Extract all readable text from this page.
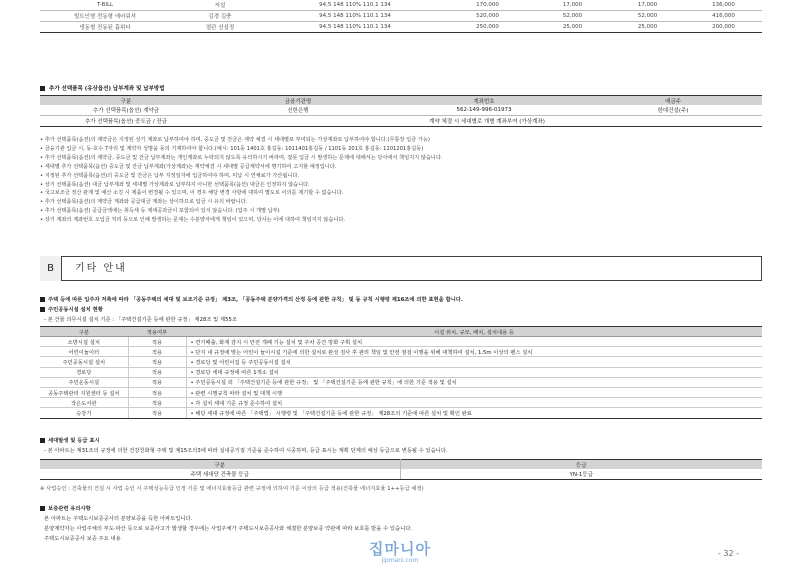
T-BILL	저설	94,5 148 110% 110.1 134	170,000	17,000	17,000	136,000
빌트인형 전동형 에어워셔	김경 김충	94,5 148 110% 110.1 134	520,000	52,000	52,000	416,000
냉동형 전동된 흡위다	열관 선설정	94,5 148 110% 110.1 134	250,000	25,000	25,000	200,000
추가 선택품목 (유상옵션) 납부계좌 및 납부방법
구분	금융기관명	계좌번호	예금주
추가 선택품목(옵션) 계약금	신한은행	562-149-996-01973	한데건설(주)
추가 선택품목(옵션) 중도금 / 잔금	계약 체결 시 세대별로 개별 계좌부여 (가상계좌)		
• 추가 선택품목(옵션)의 계약금은 지정된 상기 계좌로 납부하여야 하며, 중도금 및 잔금은 계약 체결 시 세대별로 부여되는 가상계좌로 납부하여야 합니다.(무통장 입금 가능)
• 금융기관 입금 시, 동·호수 7자리 및 계약자 성명을 동의 기재하여야 합니다.(예시: 101동 1401호 홍길동: 1011401홍길동 / 1101동 201호 홍길동: 1101201홍길동)
• 추가 선택품목(옵션)의 계약금, 중도금 및 잔금 납부계좌는 개인계좌로 누락되지 않도록 유의하시기 바라며, 잘못 입금 시 발생하는 문제에 대해서는 당사에서 책임지지 않습니다.
• 세대별 추가 선택품목(옵션) 중도금 및 잔금 납부계좌(가상계좌)는 계약체결 시 세대별 공급계약서에 명기하여 고지할 예정입니다.
• 지정된 추가 선택품목(옵션)의 중도금 및 잔금은 납부 지정일자에 입금하여야 하며, 미납 시 연체료가 가산됩니다.
• 상기 선택품목(옵션) 대금 납부계좌 및 세대별 가상계좌로 납부하지 아니한 선택품목(옵션) 대금은 인정하지 않습니다.
• 국고보조금 정산 관계 및 예산 소진 시 제품이 변경될 수 있으며, 이 경우 해당 변경 사항에 대하여 별도로 이의를 제기할 수 없습니다.
• 추가 선택품목(옵션)의 계약금 계좌와 공급대금 계좌는 상이하므로 입금 시 유의 바랍니다.
• 추가 선택품목(옵션) 공급금액에는 취득세 등 제세공과금이 포함되어 있지 않습니다. (입주 시 개별 납부)
• 상기 계좌의 계좌번호 오입금 처리 등으로 인해 발생하는 문제는 수분양자에게 책임이 있으며, 당사는 이에 대하여 책임지지 않습니다.
B	기타 안내
주택 등에 따른 입주자 저축에 따라 「공동주택의 세대 및 보조기준 규정」 제3조, 「공동주택 분양가격의 산정 등에 관한 규칙」 및 동 규칙 시행령 제16조에 의한 표현을 합니다.
주민공동시설 설치 현황
- 본 건물 의무시설 설치 기준 : 「주택건설기준 등에 관한 규정」 제28조 및 제55조
구분	적용여부	시설 위치, 규모, 배치, 설치내용 등
소방시설 설치	적용	• 연기배출, 화재 감지 시 안전 개폐 기능 설치 및 주차 공간 방화 구획 설치
어린이놀이터	적용	• 단지 내 규정에 맞는 어린이 놀이시설 기준에 의한 설치로 완성 검사 후 관리 책임 및 안전 점검 이행을 위해 대책하여 설치, 1.5m 이상의 펜스 설치
주민공동시설 설치	적용	• 경로당 및 어린이집 등 주민공동시설 설치
경로당	적용	• 경로당 세대 규정에 따른 1개소 설치
주민운동시설	적용	• 주민공동시설 외 「주택건설기준 등에 관한 규정」 및 「주택건설기준 등에 관한 규칙」에 의한 기준 적용 및 설치
공동주택관리 지원센터 등 설치	적용	• 관련 시행규칙 따라 설치 및 대책 시행
작은도서관	적용	• 각 설치 세대 기준 규정 준수하여 설치
승강기	적용	• 해당 세대 규정에 따른 「주택법」 시행령 및 「주택건설기준 등에 관한 규정」 제28조의 기준에 따른 설치 및 확인 완료
세대발생 및 등급 표시
- 본 아파트는 제31조의 규정에 의한 건강친화형 주택 및 제15조의3에 따라 실내공기질 기준을 준수하여 시공하며, 등급 표시는 계획 단계의 예상 등급으로 변동될 수 있습니다.
구분	등급
주택 세대당 건축물 등급	YN-1등급
※ 사업승인 : 건축물의 건설 시 사업 승인 시 주택성능등급 인정 기준 및 에너지효율등급 관련 규정에 의하여 기준 이상의 등급 적용(건축물 에너지효율 1++등급 예정)
보증관련 유의사항
본 아파트는 주택도시보증공사의 분양보증을 득한 아파트입니다.
분양계약자는 사업주체의 부도·파산 등으로 보증사고가 발생할 경우에는 사업주체가 주택도시보증공사와 체결한 분양보증 약관에 따라 보호를 받을 수 있습니다.
주택도시보증공사 보증 주요 내용
집마니아
jipmani.com
- 32 -
